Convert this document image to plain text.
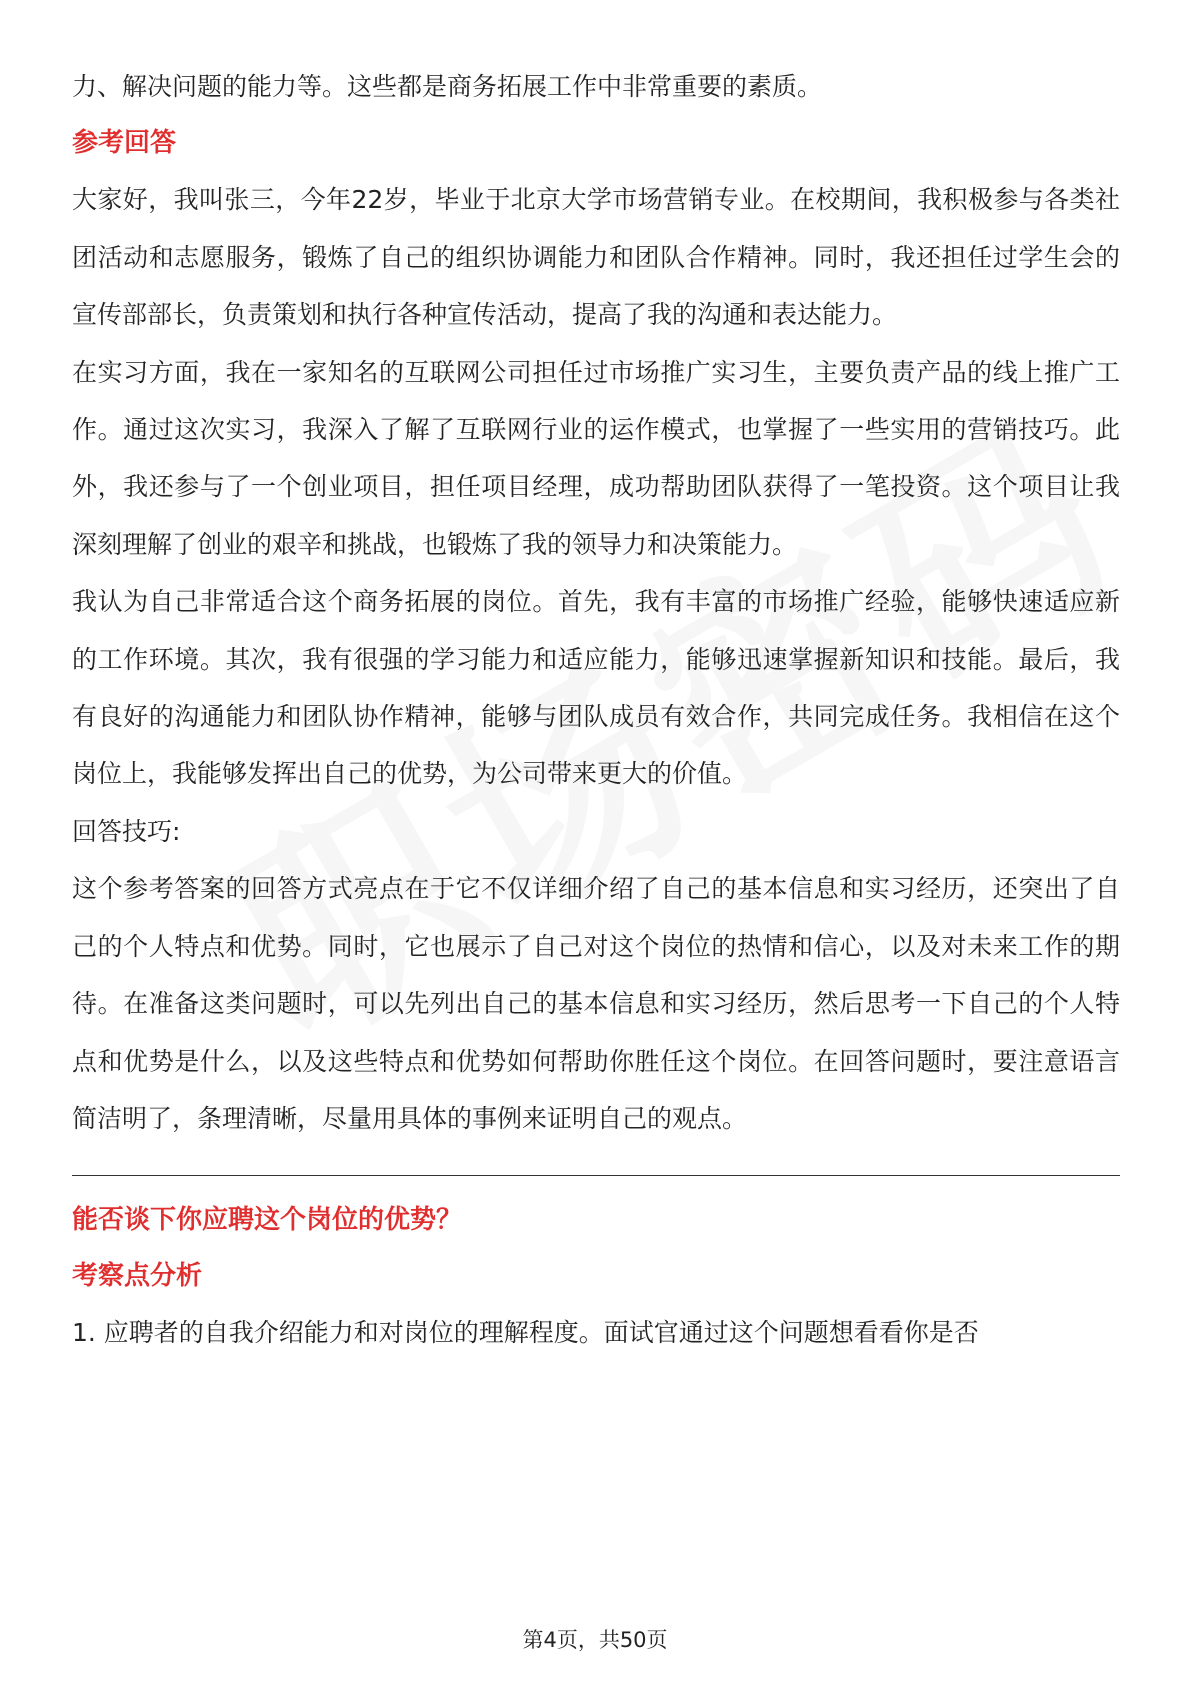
力、解决问题的能力等。这些都是商务拓展工作中非常重要的素质。

参考回答

大家好，我叫张三，今年22岁，毕业于北京大学市场营销专业。在校期间，我积极参与各类社团活动和志愿服务，锻炼了自己的组织协调能力和团队合作精神。同时，我还担任过学生会的宣传部部长，负责策划和执行各种宣传活动，提高了我的沟通和表达能力。

在实习方面，我在一家知名的互联网公司担任过市场推广实习生，主要负责产品的线上推广工作。通过这次实习，我深入了解了互联网行业的运作模式，也掌握了一些实用的营销技巧。此外，我还参与了一个创业项目，担任项目经理，成功帮助团队获得了一笔投资。这个项目让我深刻理解了创业的艰辛和挑战，也锻炼了我的领导力和决策能力。

我认为自己非常适合这个商务拓展的岗位。首先，我有丰富的市场推广经验，能够快速适应新的工作环境。其次，我有很强的学习能力和适应能力，能够迅速掌握新知识和技能。最后，我有良好的沟通能力和团队协作精神，能够与团队成员有效合作，共同完成任务。我相信在这个岗位上，我能够发挥出自己的优势，为公司带来更大的价值。

回答技巧:

这个参考答案的回答方式亮点在于它不仅详细介绍了自己的基本信息和实习经历，还突出了自己的个人特点和优势。同时，它也展示了自己对这个岗位的热情和信心，以及对未来工作的期待。在准备这类问题时，可以先列出自己的基本信息和实习经历，然后思考一下自己的个人特点和优势是什么，以及这些特点和优势如何帮助你胜任这个岗位。在回答问题时，要注意语言简洁明了，条理清晰，尽量用具体的事例来证明自己的观点。

能否谈下你应聘这个岗位的优势？

考察点分析

1. 应聘者的自我介绍能力和对岗位的理解程度。面试官通过这个问题想看看你是否

第4页，共50页
